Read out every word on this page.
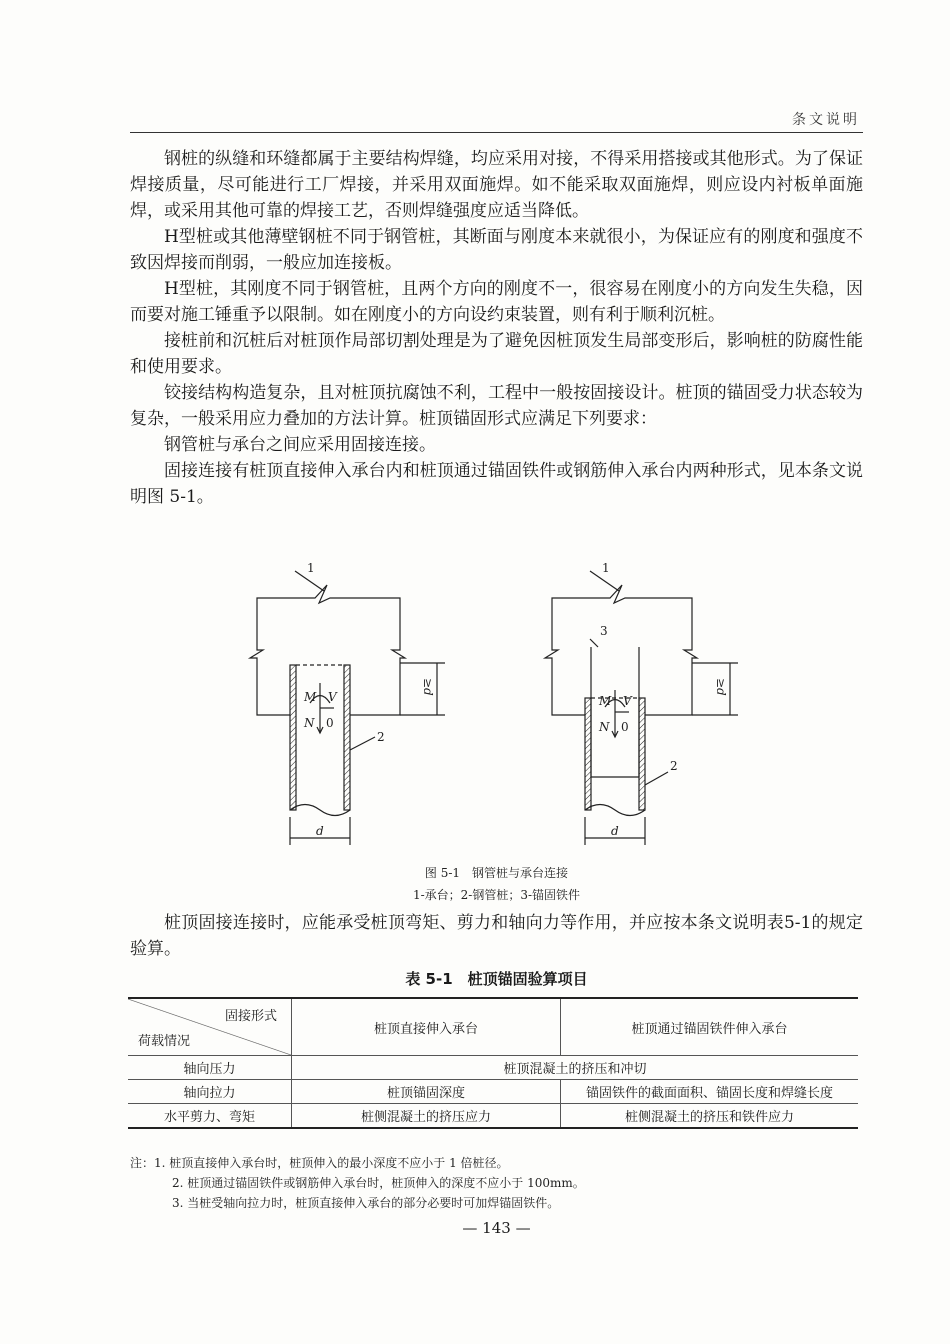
条文说明

钢桩的纵缝和环缝都属于主要结构焊缝，均应采用对接，不得采用搭接或其他形式。为了保证焊接质量，尽可能进行工厂焊接，并采用双面施焊。如不能采取双面施焊，则应设内衬板单面施焊，或采用其他可靠的焊接工艺，否则焊缝强度应适当降低。

H型桩或其他薄壁钢桩不同于钢管桩，其断面与刚度本来就很小，为保证应有的刚度和强度不致因焊接而削弱，一般应加连接板。

H型桩，其刚度不同于钢管桩，且两个方向的刚度不一，很容易在刚度小的方向发生失稳，因而要对施工锤重予以限制。如在刚度小的方向设约束装置，则有利于顺利沉桩。

接桩前和沉桩后对桩顶作局部切割处理是为了避免因桩顶发生局部变形后，影响桩的防腐性能和使用要求。

铰接结构构造复杂，且对桩顶抗腐蚀不利，工程中一般按固接设计。桩顶的锚固受力状态较为复杂，一般采用应力叠加的方法计算。桩顶锚固形式应满足下列要求：

钢管桩与承台之间应采用固接连接。

固接连接有桩顶直接伸入承台内和桩顶通过锚固铁件或钢筋伸入承台内两种形式，见本条文说明图 5-1。

1
2
M V
N 0
≥d
d
1
3
2
M V
N 0
≥d
d
图 5-1　钢管桩与承台连接
1-承台；2-钢管桩；3-锚固铁件

桩顶固接连接时，应能承受桩顶弯矩、剪力和轴向力等作用，并应按本条文说明表5-1的规定验算。

表 5-1　桩顶锚固验算项目
固接形式
荷载情况	桩顶直接伸入承台	桩顶通过锚固铁件伸入承台
轴向压力	桩顶混凝土的挤压和冲切	
轴向拉力	桩顶锚固深度	锚固铁件的截面面积、锚固长度和焊缝长度
水平剪力、弯矩	桩侧混凝土的挤压应力	桩侧混凝土的挤压和铁件应力
注：1. 桩顶直接伸入承台时，桩顶伸入的最小深度不应小于 1 倍桩径。
2. 桩顶通过锚固铁件或钢筋伸入承台时，桩顶伸入的深度不应小于 100mm。
3. 当桩受轴向拉力时，桩顶直接伸入承台的部分必要时可加焊锚固铁件。
— 143 —
